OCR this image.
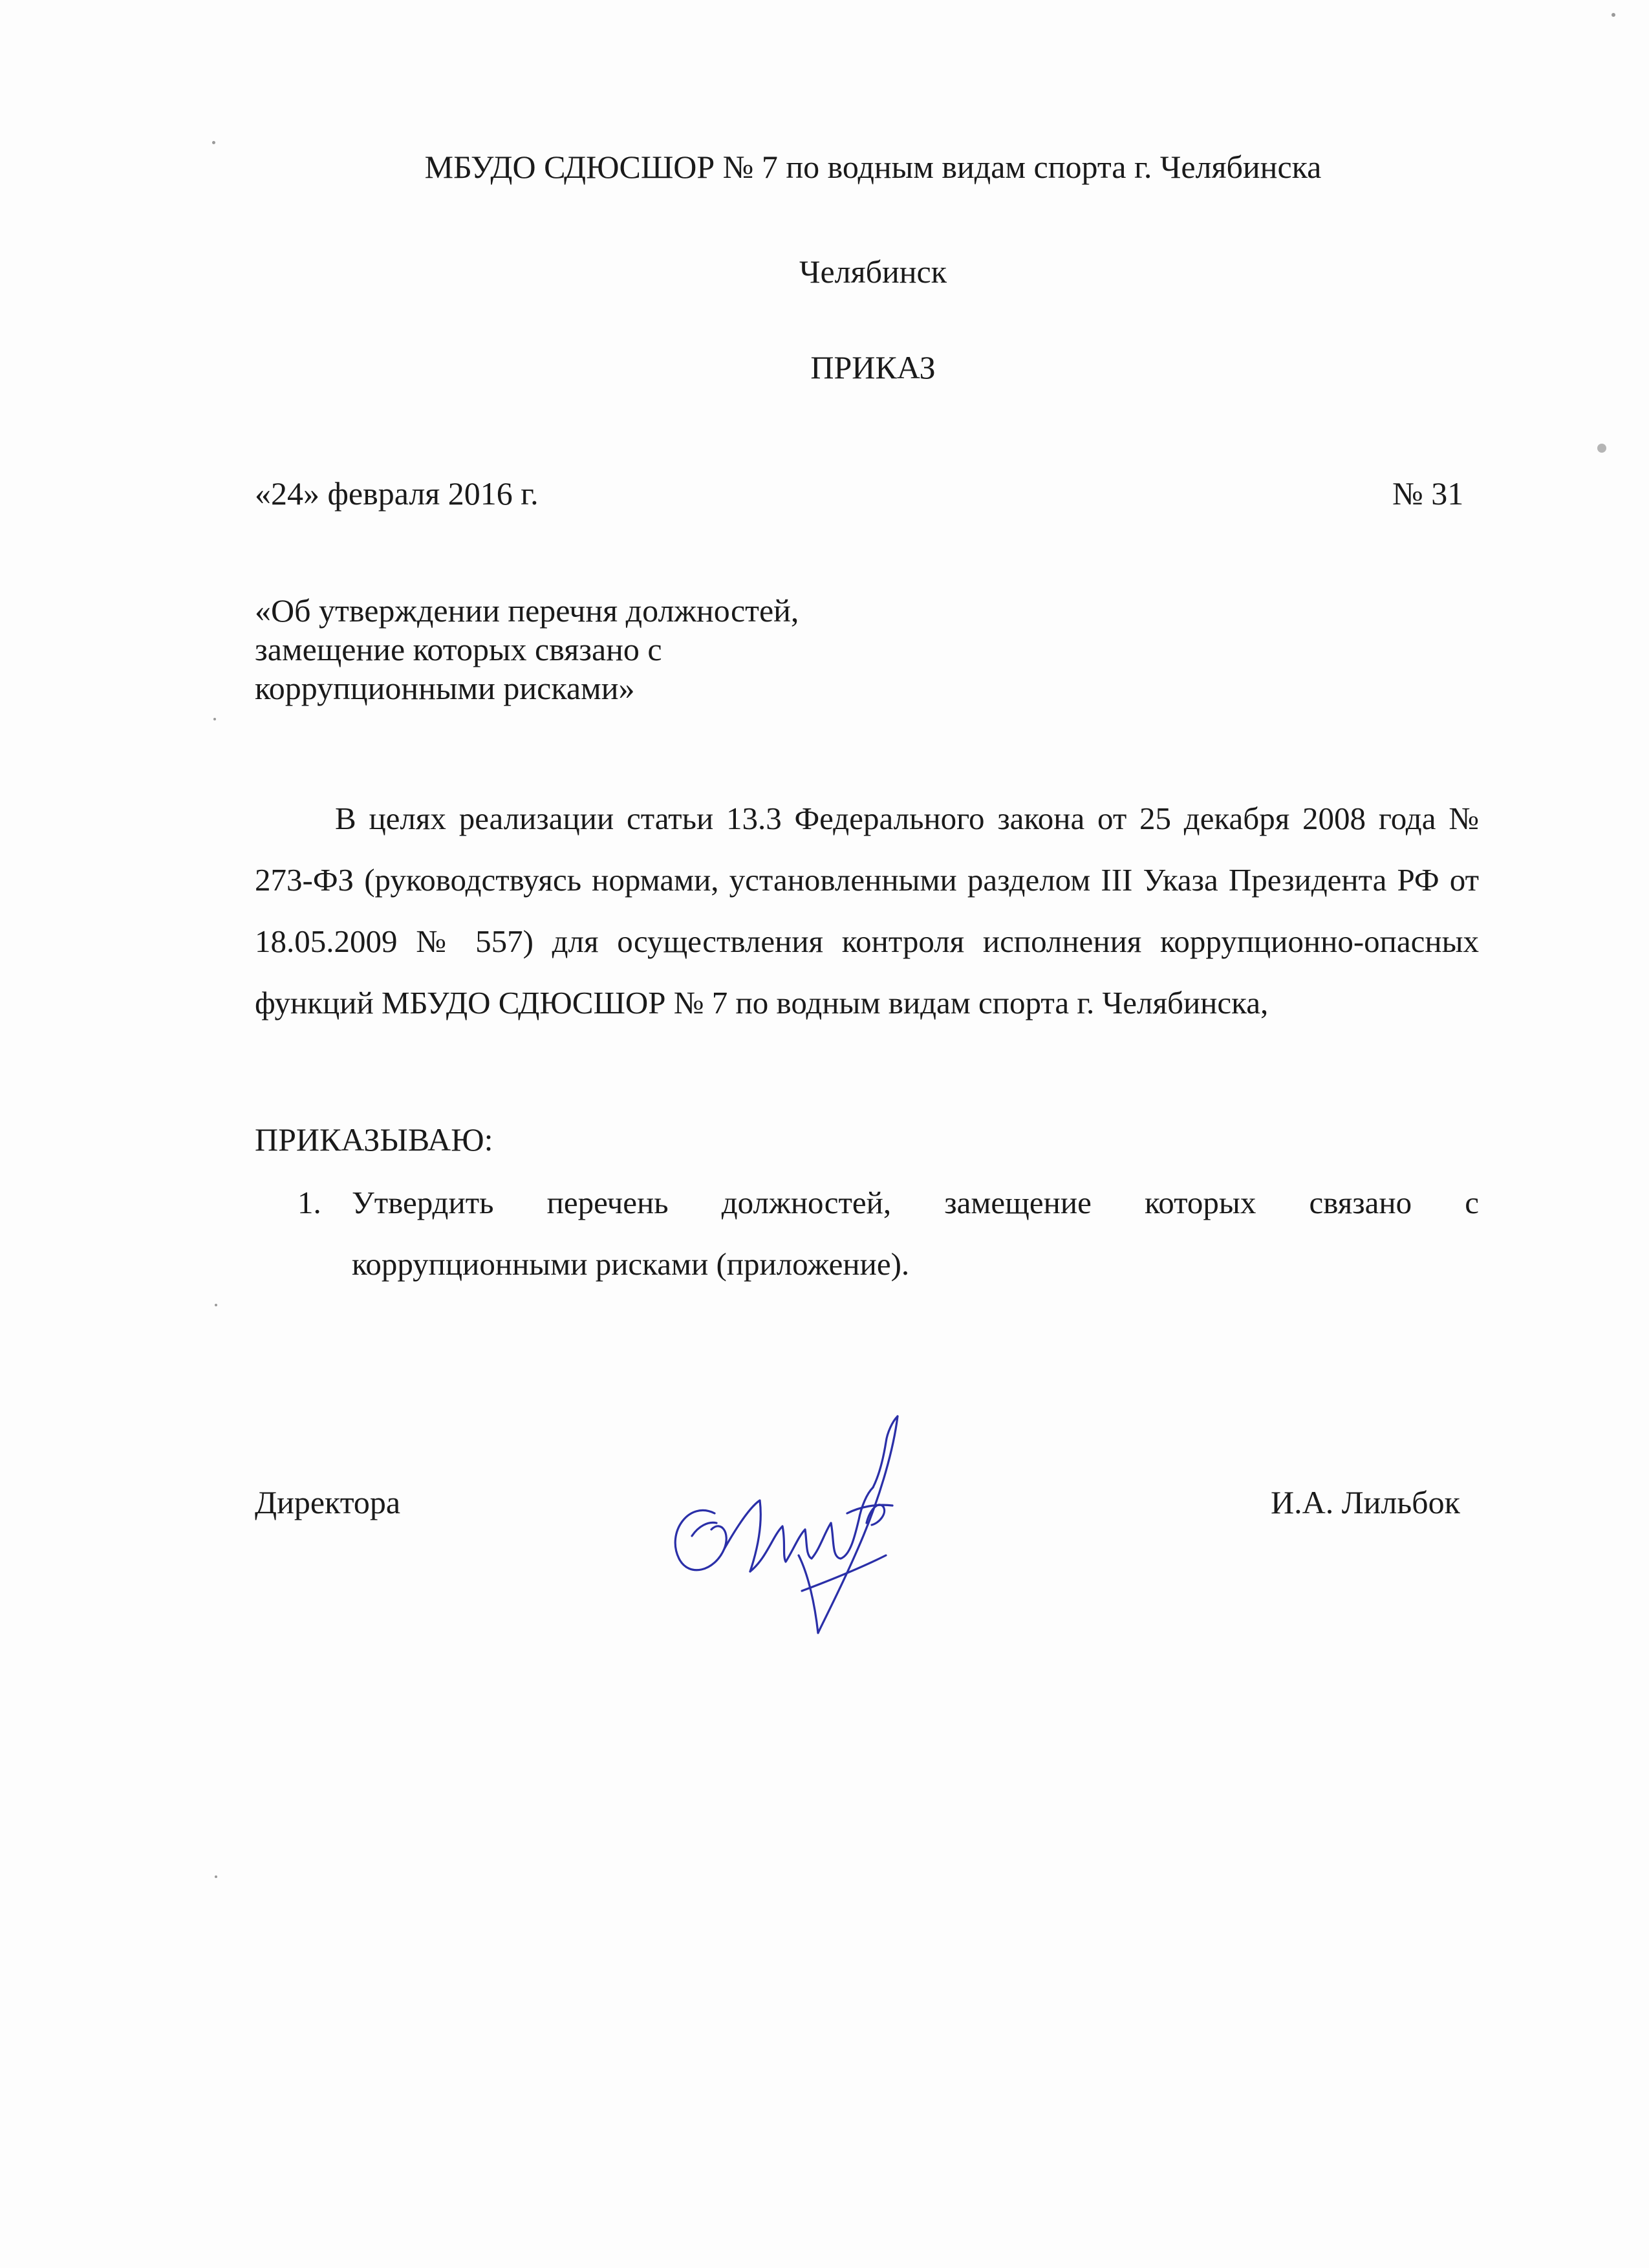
МБУДО СДЮСШОР № 7 по водным видам спорта г. Челябинска
Челябинск
ПРИКАЗ
«24» февраля 2016 г.	№ 31
«Об утверждении перечня должностей,
замещение которых связано с
коррупционными рисками»
В целях реализации статьи 13.3 Федерального закона от 25 декабря 2008 года № 273-ФЗ (руководствуясь нормами, установленными разделом III Указа Президента РФ от 18.05.2009 № 557) для осуществления контроля исполнения коррупционно-опасных функций МБУДО СДЮСШОР № 7 по водным видам спорта г. Челябинска,
ПРИКАЗЫВАЮ:
1. Утвердить перечень должностей, замещение которых связано с
коррупционными рисками (приложение).
Директора	И.А. Лильбок
